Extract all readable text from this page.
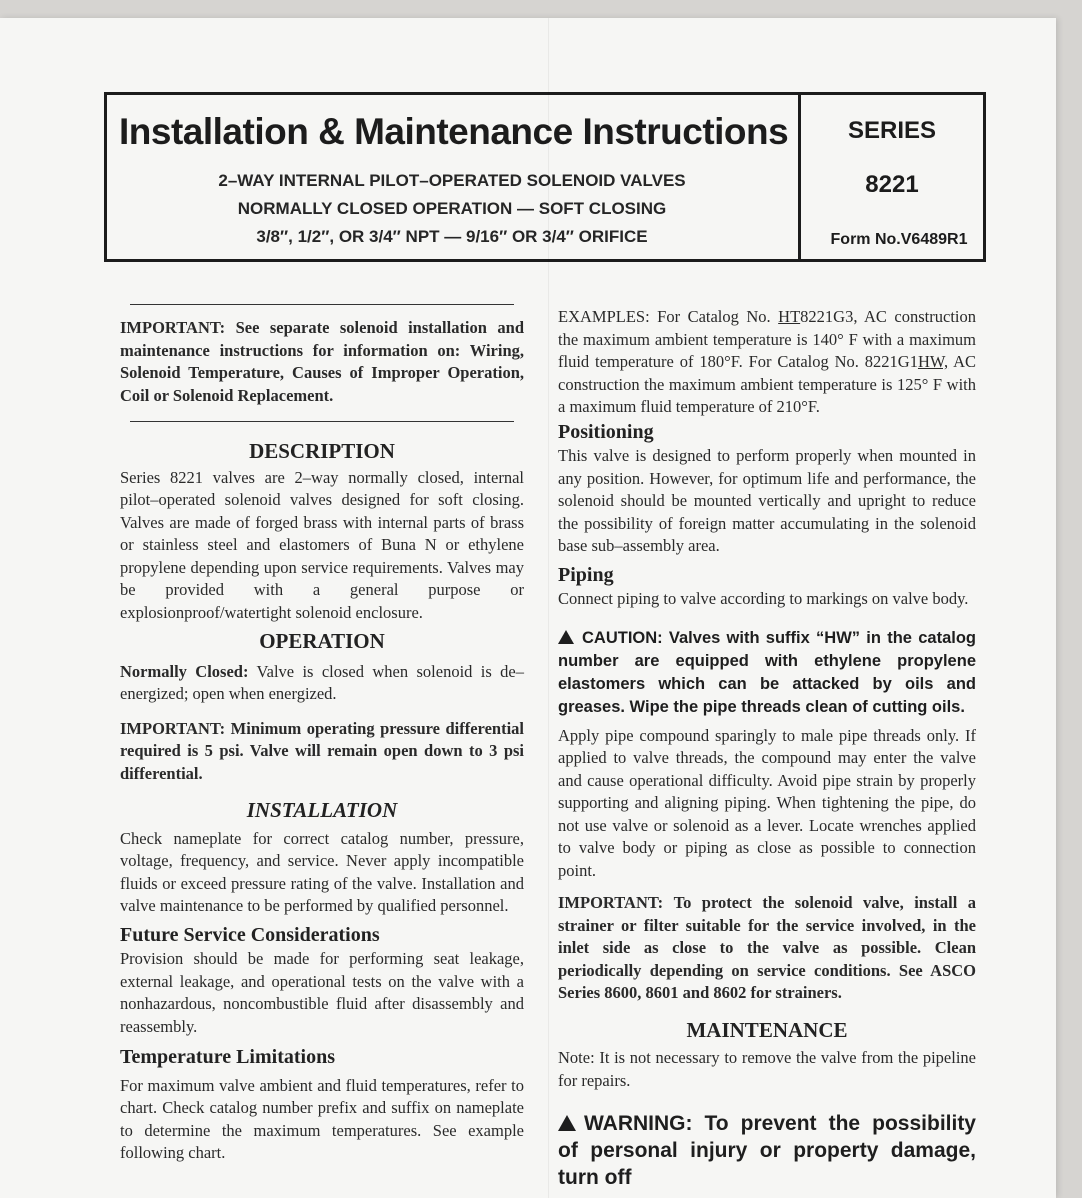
Installation & Maintenance Instructions
2–WAY INTERNAL PILOT–OPERATED SOLENOID VALVES
NORMALLY CLOSED OPERATION — SOFT CLOSING
3/8″, 1/2″, OR 3/4″ NPT — 9/16″ OR 3/4″ ORIFICE
SERIES
8221
Form No.V6489R1

IMPORTANT: See separate solenoid installation and maintenance instructions for information on: Wiring, Solenoid Temperature, Causes of Improper Operation, Coil or Solenoid Replacement.

DESCRIPTION

Series 8221 valves are 2–way normally closed, internal pilot–operated solenoid valves designed for soft closing. Valves are made of forged brass with internal parts of brass or stainless steel and elastomers of Buna N or ethylene propylene depending upon service requirements. Valves may be provided with a general purpose or explosionproof/watertight solenoid enclosure.

OPERATION

Normally Closed: Valve is closed when solenoid is de–energized; open when energized.

IMPORTANT: Minimum operating pressure differential required is 5 psi. Valve will remain open down to 3 psi differential.

INSTALLATION

Check nameplate for correct catalog number, pressure, voltage, frequency, and service. Never apply incompatible fluids or exceed pressure rating of the valve. Installation and valve maintenance to be performed by qualified personnel.

Future Service Considerations

Provision should be made for performing seat leakage, external leakage, and operational tests on the valve with a nonhazardous, noncombustible fluid after disassembly and reassembly.

Temperature Limitations

For maximum valve ambient and fluid temperatures, refer to chart. Check catalog number prefix and suffix on nameplate to determine the maximum temperatures. See example following chart.

EXAMPLES: For Catalog No. HT8221G3, AC construction the maximum ambient temperature is 140° F with a maximum fluid temperature of 180°F. For Catalog No. 8221G1HW, AC construction the maximum ambient temperature is 125° F with a maximum fluid temperature of 210°F.

Positioning

This valve is designed to perform properly when mounted in any position. However, for optimum life and performance, the solenoid should be mounted vertically and upright to reduce the possibility of foreign matter accumulating in the solenoid base sub–assembly area.

Piping

Connect piping to valve according to markings on valve body.

CAUTION: Valves with suffix “HW” in the catalog number are equipped with ethylene propylene elastomers which can be attacked by oils and greases. Wipe the pipe threads clean of cutting oils.

Apply pipe compound sparingly to male pipe threads only. If applied to valve threads, the compound may enter the valve and cause operational difficulty. Avoid pipe strain by properly supporting and aligning piping. When tightening the pipe, do not use valve or solenoid as a lever. Locate wrenches applied to valve body or piping as close as possible to connection point.

IMPORTANT: To protect the solenoid valve, install a strainer or filter suitable for the service involved, in the inlet side as close to the valve as possible. Clean periodically depending on service conditions. See ASCO Series 8600, 8601 and 8602 for strainers.

MAINTENANCE

Note: It is not necessary to remove the valve from the pipeline for repairs.

WARNING: To prevent the possibility of personal injury or property damage, turn off
